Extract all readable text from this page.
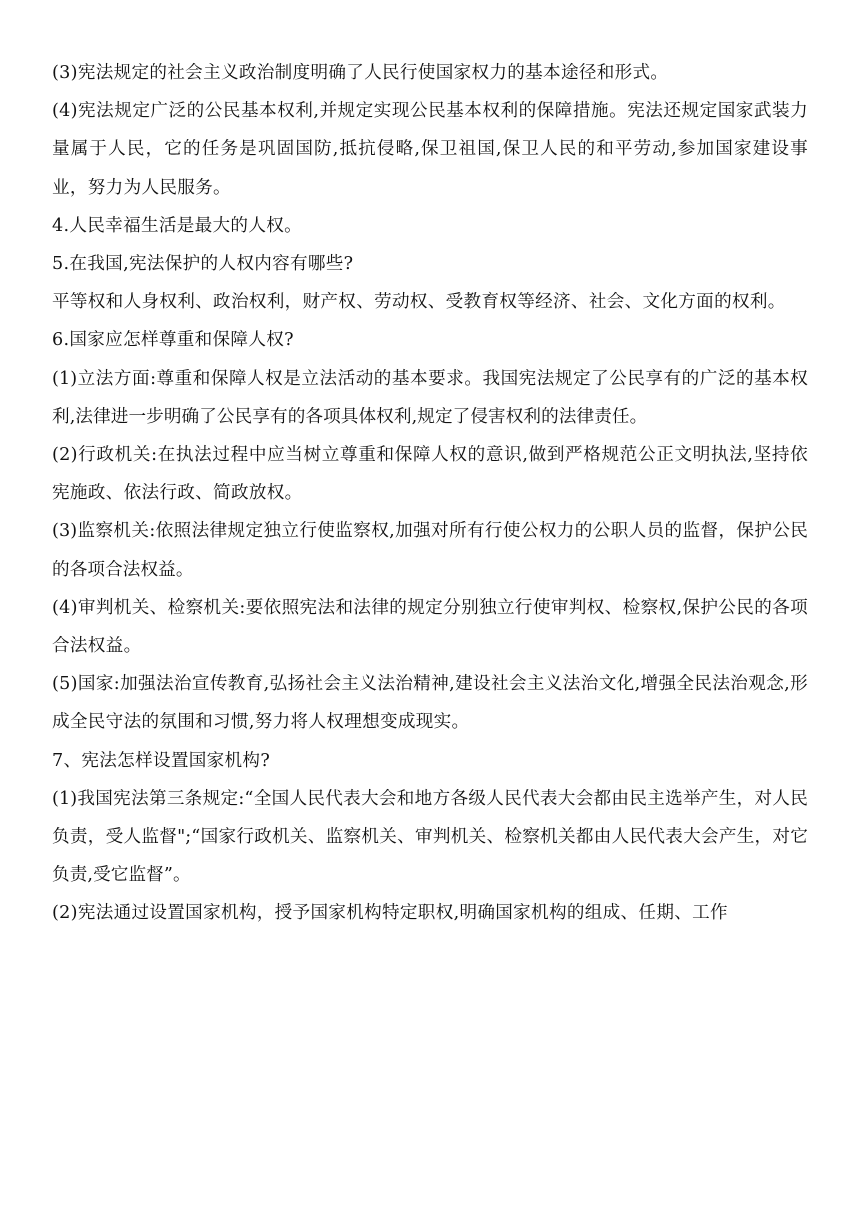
(3)宪法规定的社会主义政治制度明确了人民行使国家权力的基本途径和形式。

(4)宪法规定广泛的公民基本权利,并规定实现公民基本权利的保障措施。宪法还规定国家武装力量属于人民，它的任务是巩固国防,抵抗侵略,保卫祖国,保卫人民的和平劳动,参加国家建设事业，努力为人民服务。

4.人民幸福生活是最大的人权。

5.在我国,宪法保护的人权内容有哪些?

平等权和人身权利、政治权利，财产权、劳动权、受教育权等经济、社会、文化方面的权利。

6.国家应怎样尊重和保障人权?

(1)立法方面:尊重和保障人权是立法活动的基本要求。我国宪法规定了公民享有的广泛的基本权利,法律进一步明确了公民享有的各项具体权利,规定了侵害权利的法律责任。

(2)行政机关:在执法过程中应当树立尊重和保障人权的意识,做到严格规范公正文明执法,坚持依宪施政、依法行政、简政放权。

(3)监察机关:依照法律规定独立行使监察权,加强对所有行使公权力的公职人员的监督，保护公民的各项合法权益。

(4)审判机关、检察机关:要依照宪法和法律的规定分别独立行使审判权、检察权,保护公民的各项合法权益。

(5)国家:加强法治宣传教育,弘扬社会主义法治精神,建设社会主义法治文化,增强全民法治观念,形成全民守法的氛围和习惯,努力将人权理想变成现实。

7、宪法怎样设置国家机构?

(1)我国宪法第三条规定:“全国人民代表大会和地方各级人民代表大会都由民主选举产生，对人民负责，受人监督";“国家行政机关、监察机关、审判机关、检察机关都由人民代表大会产生，对它负责,受它监督”。

(2)宪法通过设置国家机构，授予国家机构特定职权,明确国家机构的组成、任期、工作
